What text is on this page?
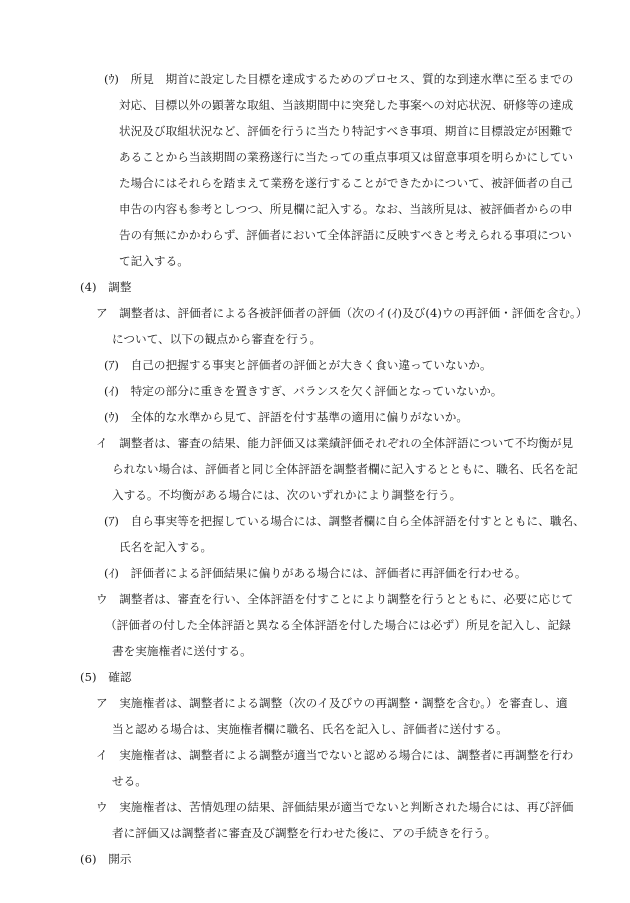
(ｳ)　所見　期首に設定した目標を達成するためのプロセス、質的な到達水準に至るまでの
対応、目標以外の顕著な取組、当該期間中に突発した事案への対応状況、研修等の達成
状況及び取組状況など、評価を行うに当たり特記すべき事項、期首に目標設定が困難で
あることから当該期間の業務遂行に当たっての重点事項又は留意事項を明らかにしてい
た場合にはそれらを踏まえて業務を遂行することができたかについて、被評価者の自己
申告の内容も参考としつつ、所見欄に記入する。なお、当該所見は、被評価者からの申
告の有無にかかわらず、評価者において全体評語に反映すべきと考えられる事項につい
て記入する。
(4)　調整
ア　調整者は、評価者による各被評価者の評価（次のイ(ｲ)及び(4)ウの再評価・評価を含む。）
について、以下の観点から審査を行う。
(ｱ)　自己の把握する事実と評価者の評価とが大きく食い違っていないか。
(ｲ)　特定の部分に重きを置きすぎ、バランスを欠く評価となっていないか。
(ｳ)　全体的な水準から見て、評語を付す基準の適用に偏りがないか。
イ　調整者は、審査の結果、能力評価又は業績評価それぞれの全体評語について不均衡が見
られない場合は、評価者と同じ全体評語を調整者欄に記入するとともに、職名、氏名を記
入する。不均衡がある場合には、次のいずれかにより調整を行う。
(ｱ)　自ら事実等を把握している場合には、調整者欄に自ら全体評語を付すとともに、職名、
氏名を記入する。
(ｲ)　評価者による評価結果に偏りがある場合には、評価者に再評価を行わせる。
ウ　調整者は、審査を行い、全体評語を付すことにより調整を行うとともに、必要に応じて
（評価者の付した全体評語と異なる全体評語を付した場合には必ず）所見を記入し、記録
書を実施権者に送付する。
(5)　確認
ア　実施権者は、調整者による調整（次のイ及びウの再調整・調整を含む。）を審査し、適
当と認める場合は、実施権者欄に職名、氏名を記入し、評価者に送付する。
イ　実施権者は、調整者による調整が適当でないと認める場合には、調整者に再調整を行わ
せる。
ウ　実施権者は、苦情処理の結果、評価結果が適当でないと判断された場合には、再び評価
者に評価又は調整者に審査及び調整を行わせた後に、アの手続きを行う。
(6)　開示
